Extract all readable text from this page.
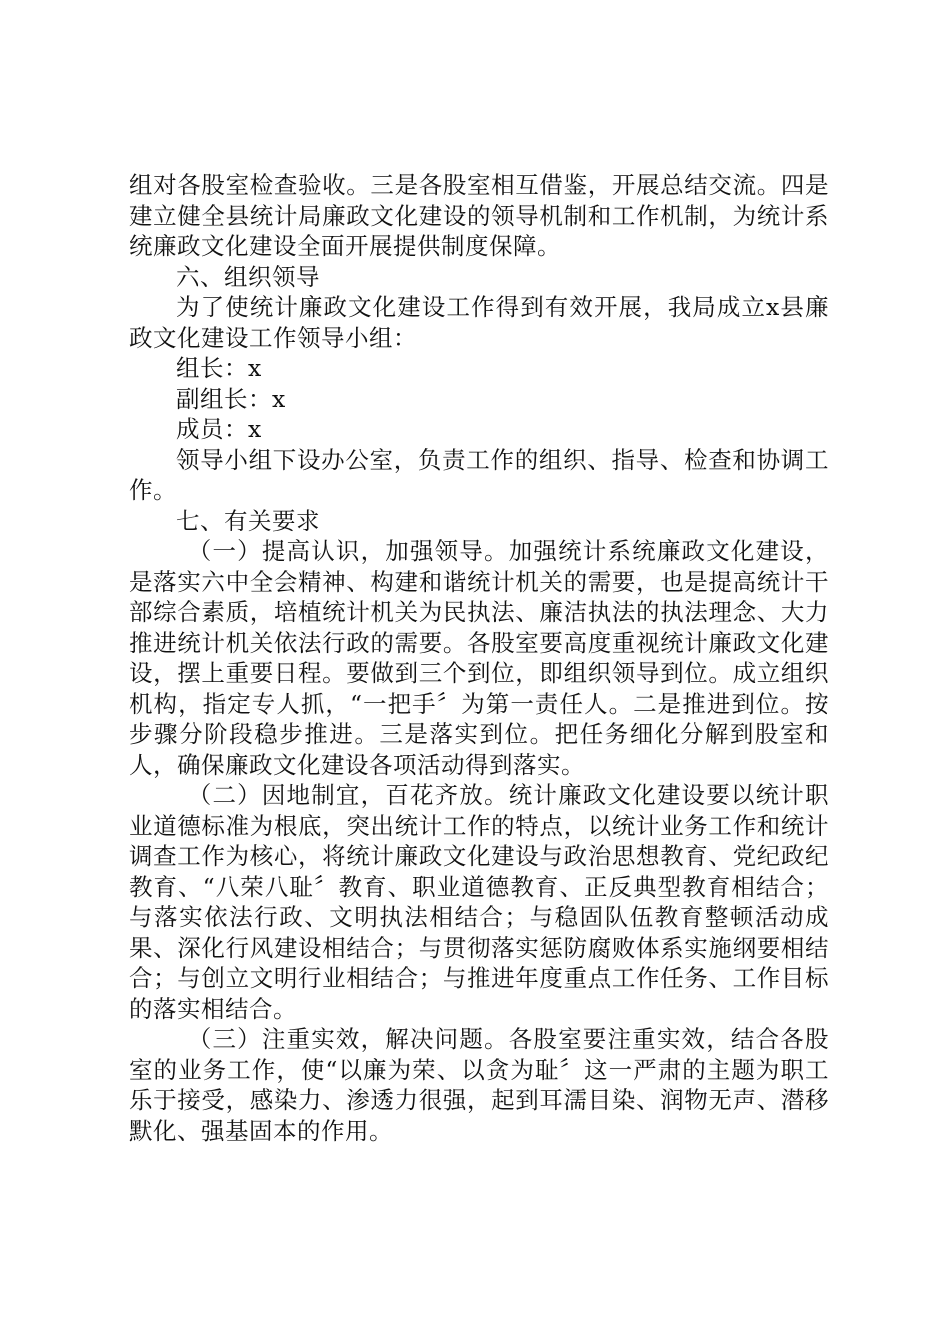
组对各股室检查验收。三是各股室相互借鉴，开展总结交流。四是建立健全县统计局廉政文化建设的领导机制和工作机制，为统计系统廉政文化建设全面开展提供制度保障。

六、组织领导

为了使统计廉政文化建设工作得到有效开展，我局成立x县廉政文化建设工作领导小组：

组长：x

副组长：x

成员：x

领导小组下设办公室，负责工作的组织、指导、检查和协调工作。

七、有关要求

（一）提高认识，加强领导。加强统计系统廉政文化建设，是落实六中全会精神、构建和谐统计机关的需要，也是提高统计干部综合素质，培植统计机关为民执法、廉洁执法的执法理念、大力推进统计机关依法行政的需要。各股室要高度重视统计廉政文化建设，摆上重要日程。要做到三个到位，即组织领导到位。成立组织机构，指定专人抓，“一把手〞为第一责任人。二是推进到位。按步骤分阶段稳步推进。三是落实到位。把任务细化分解到股室和人，确保廉政文化建设各项活动得到落实。

（二）因地制宜，百花齐放。统计廉政文化建设要以统计职业道德标准为根底，突出统计工作的特点，以统计业务工作和统计调查工作为核心，将统计廉政文化建设与政治思想教育、党纪政纪教育、“八荣八耻〞教育、职业道德教育、正反典型教育相结合；与落实依法行政、文明执法相结合；与稳固队伍教育整顿活动成果、深化行风建设相结合；与贯彻落实惩防腐败体系实施纲要相结合；与创立文明行业相结合；与推进年度重点工作任务、工作目标的落实相结合。

（三）注重实效，解决问题。各股室要注重实效，结合各股室的业务工作，使“以廉为荣、以贪为耻〞这一严肃的主题为职工乐于接受，感染力、渗透力很强，起到耳濡目染、润物无声、潜移默化、强基固本的作用。
